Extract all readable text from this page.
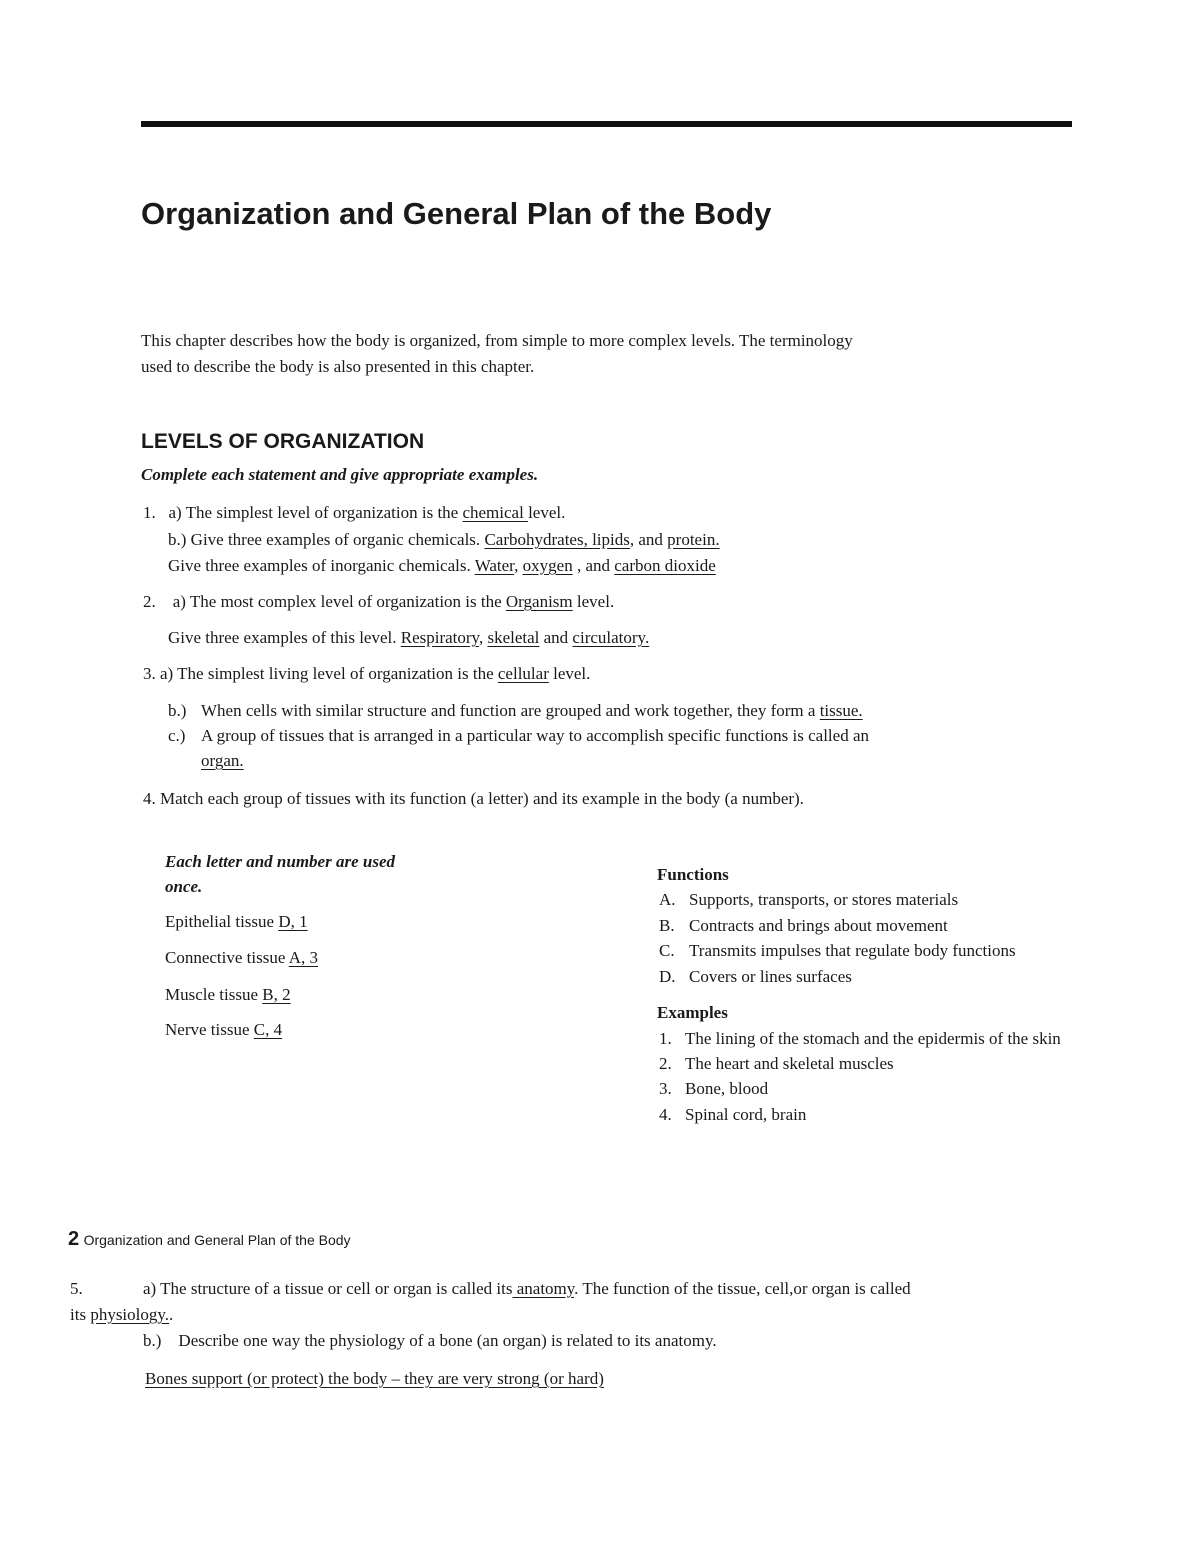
Organization and General Plan of the Body
This chapter describes how the body is organized, from simple to more complex levels. The terminology
used to describe the body is also presented in this chapter.
LEVELS OF ORGANIZATION
Complete each statement and give appropriate examples.
1.   a) The simplest level of organization is the chemical level.
b.) Give three examples of organic chemicals. Carbohydrates, lipids, and protein.
Give three examples of inorganic chemicals. Water, oxygen , and carbon dioxide
2.    a) The most complex level of organization is the Organism level.
Give three examples of this level. Respiratory, skeletal and circulatory.
3. a) The simplest living level of organization is the cellular level.
b.) When cells with similar structure and function are grouped and work together, they form a tissue.
c.) A group of tissues that is arranged in a particular way to accomplish specific functions is called an
organ.
4. Match each group of tissues with its function (a letter) and its example in the body (a number).
Each letter and number are used
once.
Epithelial tissue D, 1
Connective tissue A, 3
Muscle tissue B, 2
Nerve tissue C, 4
Functions
A. Supports, transports, or stores materials
B. Contracts and brings about movement
C. Transmits impulses that regulate body functions
D. Covers or lines surfaces
Examples
1. The lining of the stomach and the epidermis of the skin
2. The heart and skeletal muscles
3. Bone, blood
4. Spinal cord, brain
2 Organization and General Plan of the Body
5.	a) The structure of a tissue or cell or organ is called its anatomy. The function of the tissue, cell,or organ is called
its physiology..
b.)    Describe one way the physiology of a bone (an organ) is related to its anatomy.
Bones support (or protect) the body – they are very strong (or hard)
